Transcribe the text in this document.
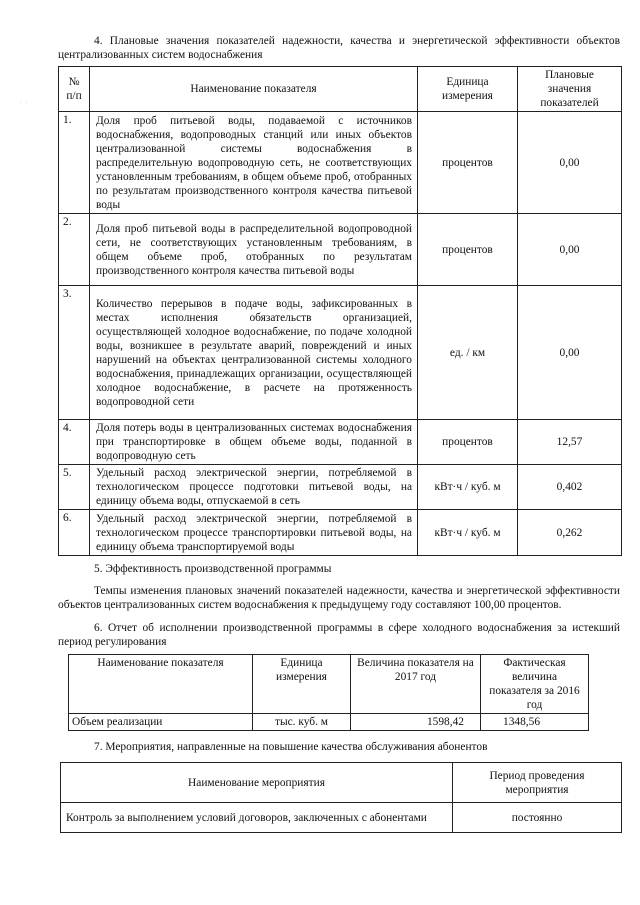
· ·

4. Плановые значения показателей надежности, качества и энергетической эффективности объектов централизованных систем водоснабжения

№ п/п	Наименование показателя	Единица измерения	Плановые значения показателей
1.	Доля проб питьевой воды, подаваемой с источников водоснабжения, водопроводных станций или иных объектов централизованной системы водоснабжения в распределительную водопроводную сеть, не соответствующих установленным требованиям, в общем объеме проб, отобранных по результатам производственного контроля качества питьевой воды	процентов	0,00
2.	Доля проб питьевой воды в распределительной водопроводной сети, не соответствующих установленным требованиям, в общем объеме проб, отобранных по результатам производственного контроля качества питьевой воды	процентов	0,00
3.	Количество перерывов в подаче воды, зафиксированных в местах исполнения обязательств организацией, осуществляющей холодное водоснабжение, по подаче холодной воды, возникшее в результате аварий, повреждений и иных нарушений на объектах централизованной системы холодного водоснабжения, принадлежащих организации, осуществляющей холодное водоснабжение, в расчете на протяженность водопроводной сети	ед. / км	0,00
4.	Доля потерь воды в централизованных системах водоснабжения при транспортировке в общем объеме воды, поданной в водопроводную сеть	процентов	12,57
5.	Удельный расход электрической энергии, потребляемой в технологическом процессе подготовки питьевой воды, на единицу объема воды, отпускаемой в сеть	кВт·ч / куб. м	0,402
6.	Удельный расход электрической энергии, потребляемой в технологическом процессе транспортировки питьевой воды, на единицу объема транспортируемой воды	кВт·ч / куб. м	0,262

5. Эффективность производственной программы

Темпы изменения плановых значений показателей надежности, качества и энергетической эффективности объектов централизованных систем водоснабжения к предыдущему году составляют 100,00 процентов.

6. Отчет об исполнении производственной программы в сфере холодного водоснабжения за истекший период регулирования

Наименование показателя	Единица измерения	Величина показателя на 2017 год	Фактическая величина показателя за 2016 год
Объем реализации	тыс. куб. м	1598,42	1348,56

7. Мероприятия, направленные на повышение качества обслуживания абонентов

Наименование мероприятия	Период проведения мероприятия
Контроль за выполнением условий договоров, заключенных с абонентами	постоянно
